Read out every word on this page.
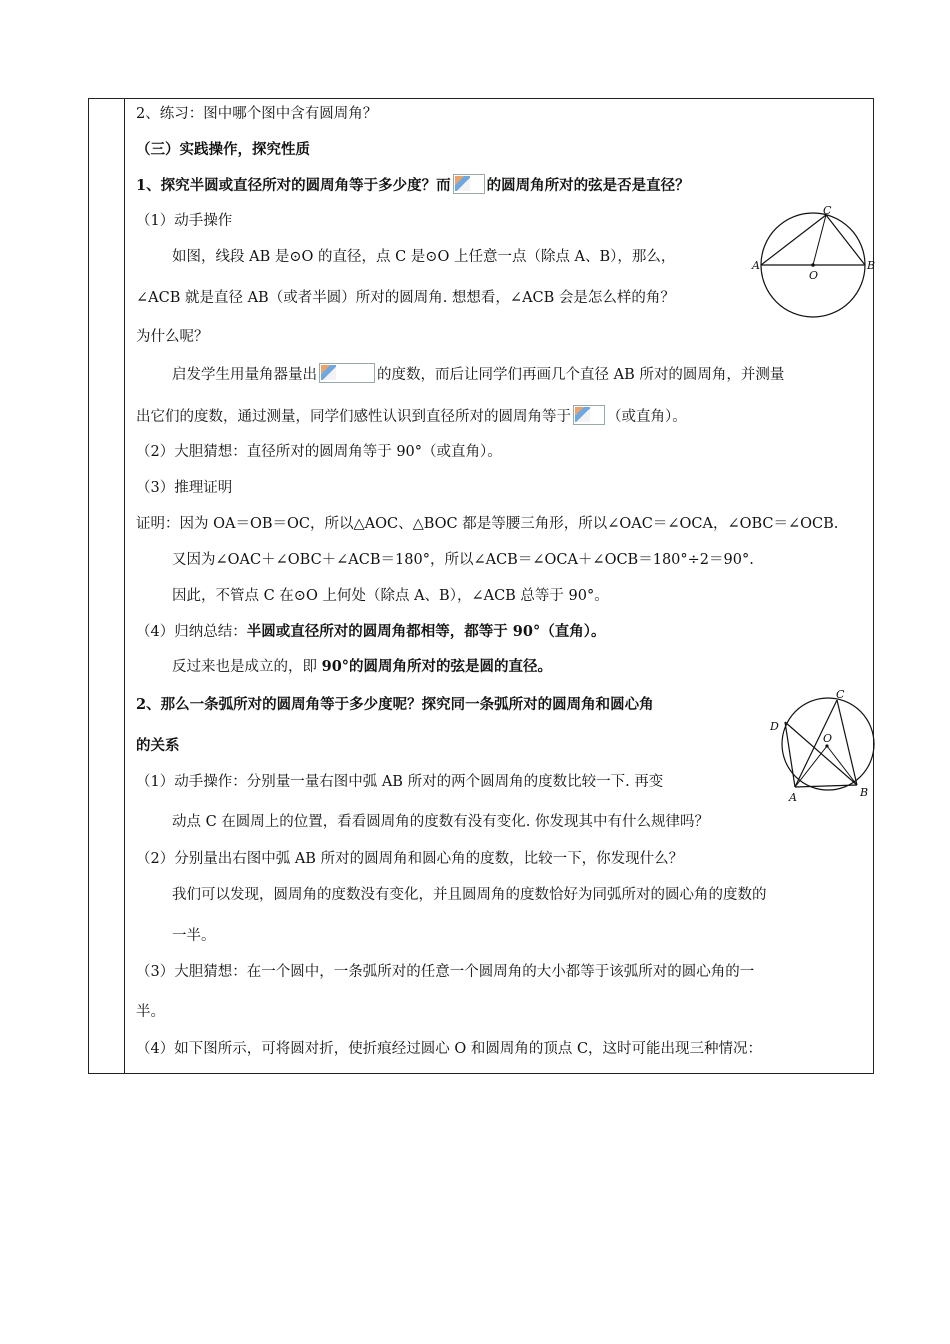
2、练习：图中哪个图中含有圆周角？
（三）实践操作，探究性质
1、探究半圆或直径所对的圆周角等于多少度？而 的圆周角所对的弦是否是直径？
（1）动手操作
如图，线段 AB 是⊙O 的直径，点 C 是⊙O 上任意一点（除点 A、B），那么，
∠ACB 就是直径 AB（或者半圆）所对的圆周角. 想想看，∠ACB 会是怎么样的角？
为什么呢？
启发学生用量角器量出	的度数，而后让同学们再画几个直径 AB 所对的圆周角，并测量
出它们的度数，通过测量，同学们感性认识到直径所对的圆周角等于 （或直角）。
（2）大胆猜想：直径所对的圆周角等于 90°（或直角）。
（3）推理证明
证明：因为 OA＝OB＝OC，所以△AOC、△BOC 都是等腰三角形，所以∠OAC＝∠OCA，∠OBC＝∠OCB.
又因为∠OAC＋∠OBC＋∠ACB＝180°，所以∠ACB＝∠OCA＋∠OCB＝180°÷2＝90°.
因此，不管点 C 在⊙O 上何处（除点 A、B），∠ACB 总等于 90°。
（4）归纳总结：半圆或直径所对的圆周角都相等，都等于 90°（直角）。
反过来也是成立的，即 90°的圆周角所对的弦是圆的直径。
2、那么一条弧所对的圆周角等于多少度呢？探究同一条弧所对的圆周角和圆心角
的关系
（1）动手操作：分别量一量右图中弧 AB 所对的两个圆周角的度数比较一下. 再变
动点 C 在圆周上的位置，看看圆周角的度数有没有变化. 你发现其中有什么规律吗？
（2）分别量出右图中弧 AB 所对的圆周角和圆心角的度数，比较一下，你发现什么？
我们可以发现，圆周角的度数没有变化，并且圆周角的度数恰好为同弧所对的圆心角的度数的
一半。
（3）大胆猜想：在一个圆中，一条弧所对的任意一个圆周角的大小都等于该弧所对的圆心角的一
半。
（4）如下图所示，可将圆对折，使折痕经过圆心 O 和圆周角的顶点 C，这时可能出现三种情况：
C
A	B
O
C
D
O
A	B
